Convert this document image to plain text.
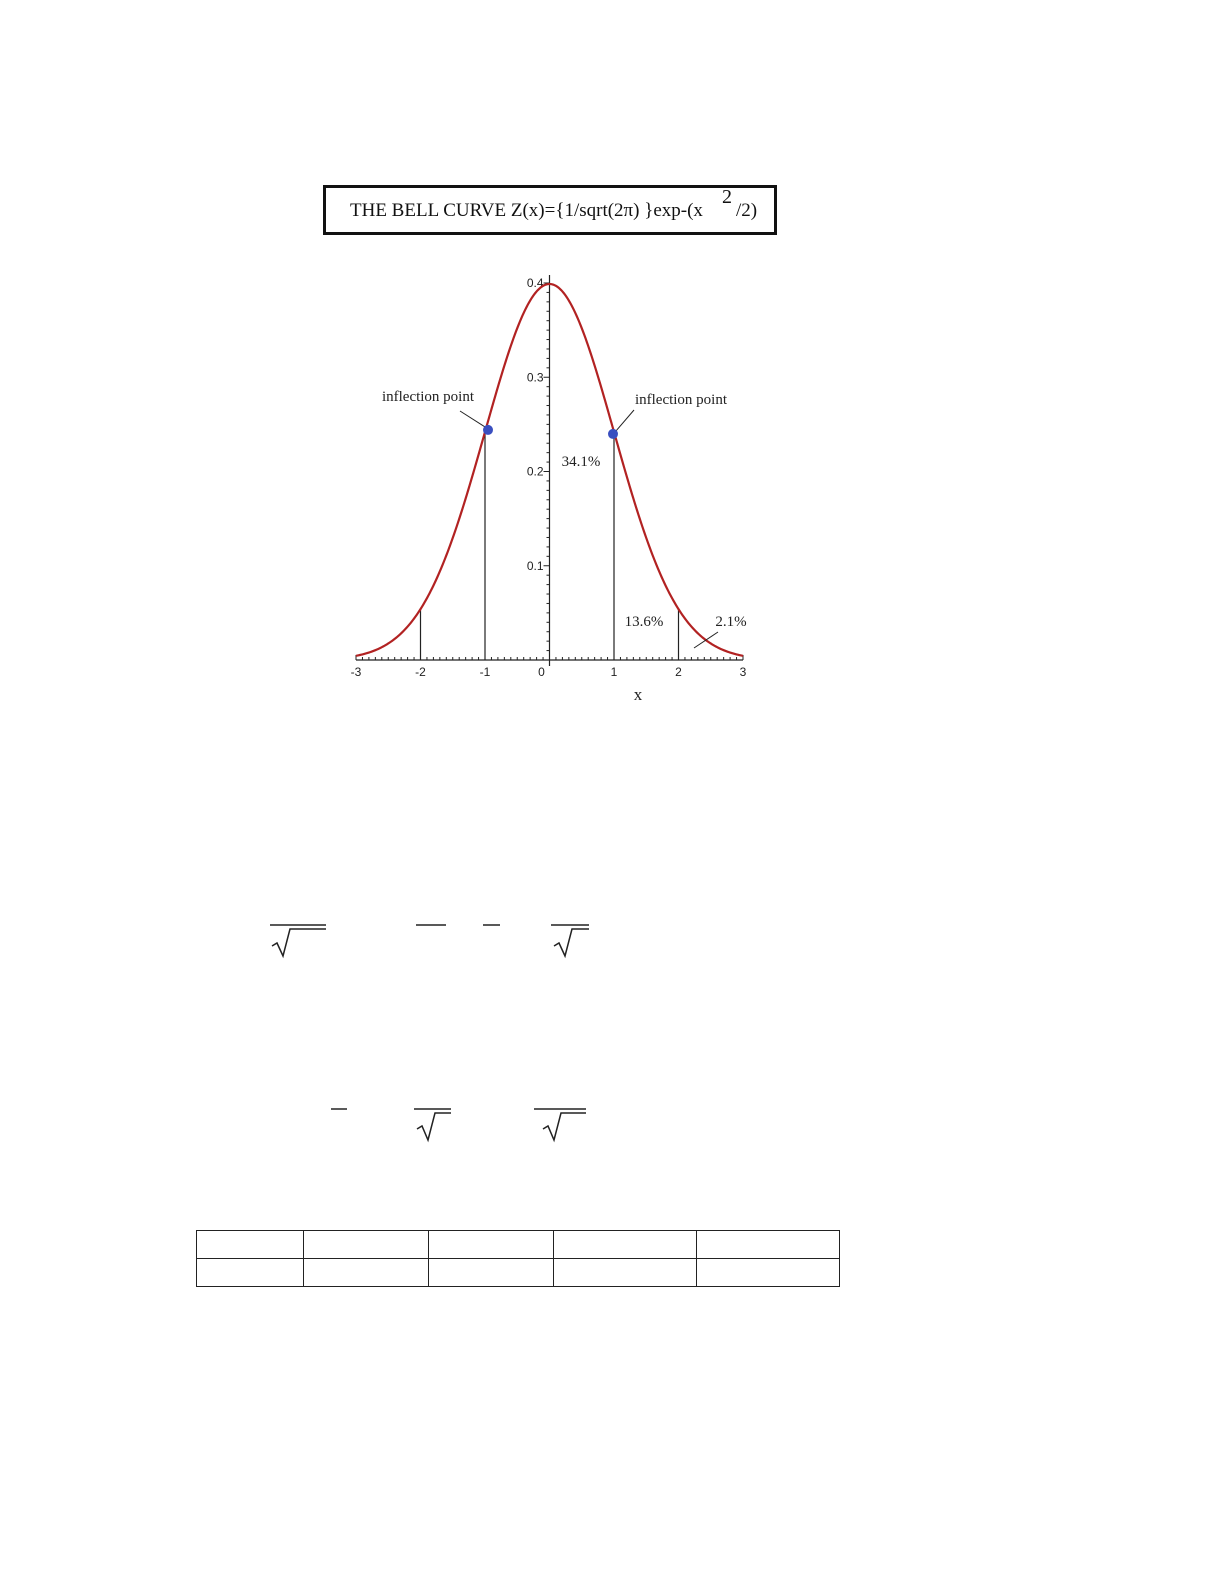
THE BELL CURVE Z(x)={1/sqrt(2π) }exp-(x
2
/2)
-3	-2	-1	0	1	2	3
x
0.1
0.2
0.3
0.4
inflection point	inflection point
34.1%
13.6%	2.1%
